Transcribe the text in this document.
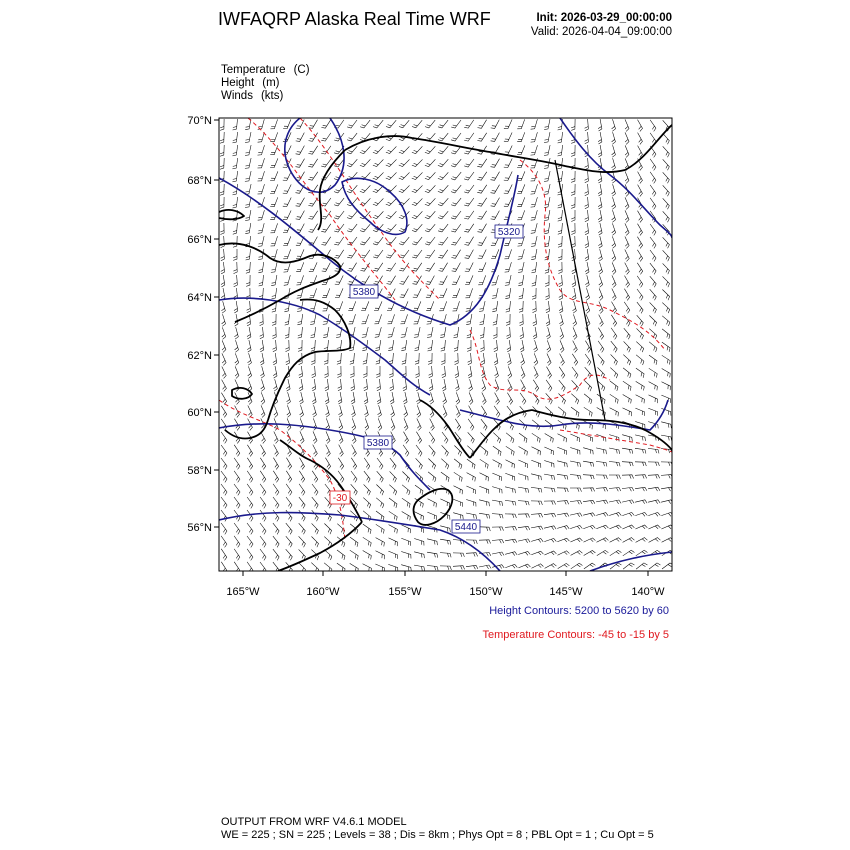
IWFAQRP Alaska Real Time WRF	Init: 2026-03-29_00:00:00
Valid: 2026-04-04_09:00:00
Temperature (C)
Height (m)
Winds (kts)
5320
5380
5380
5440
-30
70°N
68°N
66°N
64°N
62°N
60°N
58°N
56°N
165°W	160°W	155°W	150°W	145°W	140°W
Height Contours: 5200 to 5620 by 60
Temperature Contours: -45 to -15 by 5
OUTPUT FROM WRF V4.6.1 MODEL
WE = 225 ; SN = 225 ; Levels = 38 ; Dis = 8km ; Phys Opt = 8 ; PBL Opt = 1 ; Cu Opt = 5
